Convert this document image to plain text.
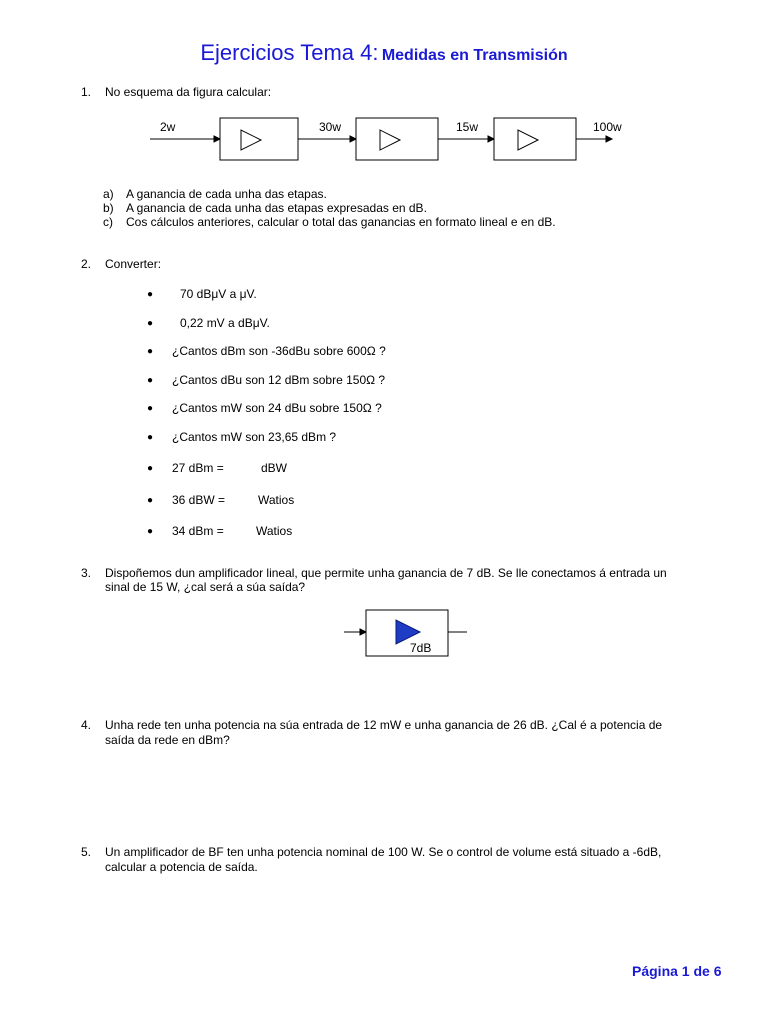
Ejercicios Tema 4: Medidas en Transmisión
1.	No esquema da figura calcular:
2w	30w	15w	100w
a) A ganancia de cada unha das etapas.
b) A ganancia de cada unha das etapas expresadas en dB.
c) Cos cálculos anteriores, calcular o total das ganancias en formato lineal e en dB.
2.	Converter:
● 70 dBμV a μV.
● 0,22 mV a dBμV.
● ¿Cantos dBm son -36dBu sobre 600Ω ?
● ¿Cantos dBu son 12 dBm sobre 150Ω ?
● ¿Cantos mW son 24 dBu sobre 150Ω ?
● ¿Cantos mW son 23,65 dBm ?
● 27 dBm =	dBW
● 36 dBW =	Watios
● 34 dBm =	Watios
3.	Dispoñemos dun amplificador lineal, que permite unha ganancia de 7 dB. Se lle conectamos á entrada un
sinal de 15 W, ¿cal será a súa saída?
7dB
4.	Unha rede ten unha potencia na súa entrada de 12 mW e unha ganancia de 26 dB. ¿Cal é a potencia de
saída da rede en dBm?
5.	Un amplificador de BF ten unha potencia nominal de 100 W. Se o control de volume está situado a -6dB,
calcular a potencia de saída.
Página 1 de 6
